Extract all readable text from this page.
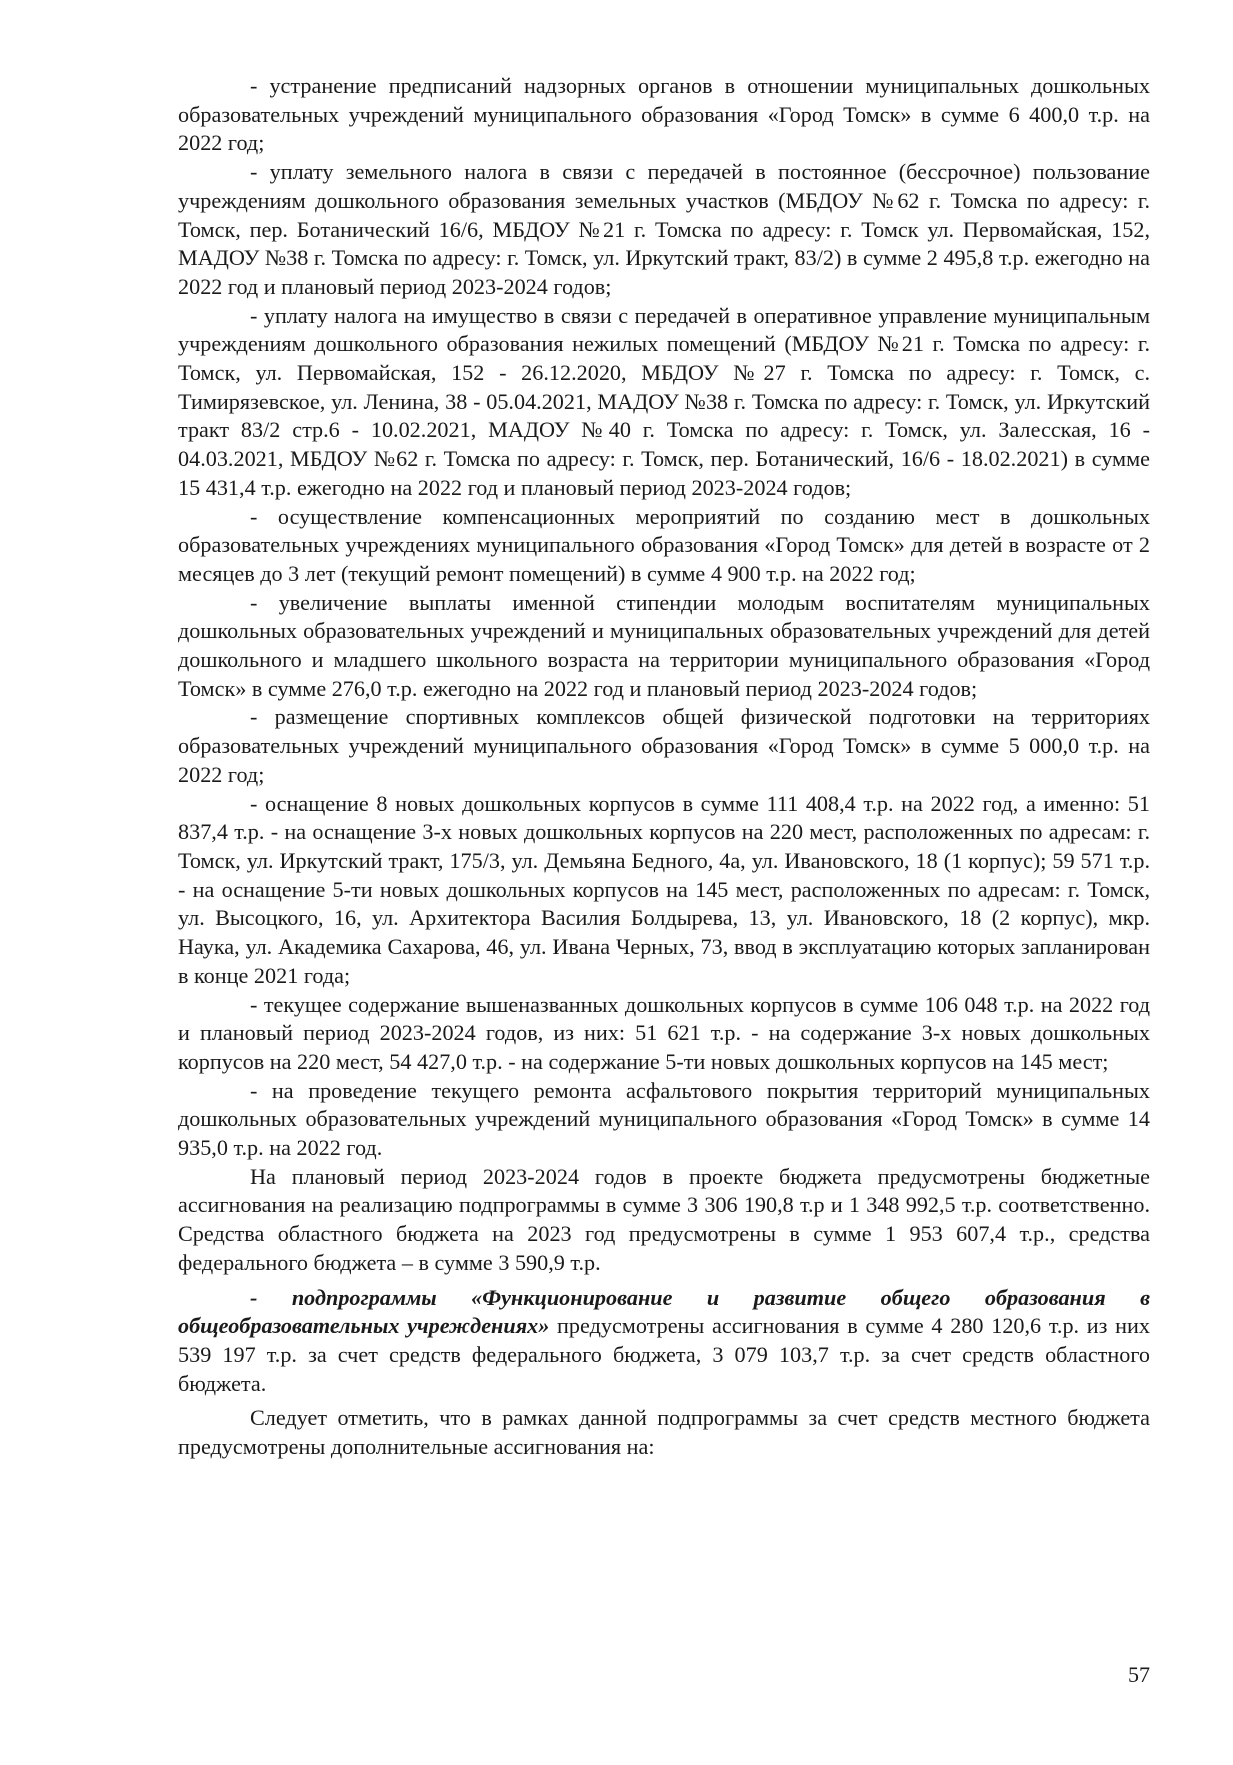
- устранение предписаний надзорных органов в отношении муниципальных дошкольных образовательных учреждений муниципального образования «Город Томск» в сумме 6 400,0 т.р. на 2022 год;

- уплату земельного налога в связи с передачей в постоянное (бессрочное) пользование учреждениям дошкольного образования земельных участков (МБДОУ №62 г. Томска по адресу: г. Томск, пер. Ботанический 16/6, МБДОУ №21 г. Томска по адресу: г. Томск ул. Первомайская, 152, МАДОУ №38 г. Томска по адресу: г. Томск, ул. Иркутский тракт, 83/2) в сумме 2 495,8 т.р. ежегодно на 2022 год и плановый период 2023-2024 годов;

- уплату налога на имущество в связи с передачей в оперативное управление муниципальным учреждениям дошкольного образования нежилых помещений (МБДОУ №21 г. Томска по адресу: г. Томск, ул. Первомайская, 152 - 26.12.2020, МБДОУ №27 г. Томска по адресу: г. Томск, с. Тимирязевское, ул. Ленина, 38 - 05.04.2021, МАДОУ №38 г. Томска по адресу: г. Томск, ул. Иркутский тракт 83/2 стр.6 - 10.02.2021, МАДОУ №40 г. Томска по адресу: г. Томск, ул. Залесская, 16 - 04.03.2021, МБДОУ №62 г. Томска по адресу: г. Томск, пер. Ботанический, 16/6 - 18.02.2021) в сумме 15 431,4 т.р. ежегодно на 2022 год и плановый период 2023-2024 годов;

- осуществление компенсационных мероприятий по созданию мест в дошкольных образовательных учреждениях муниципального образования «Город Томск» для детей в возрасте от 2 месяцев до 3 лет (текущий ремонт помещений) в сумме 4 900 т.р. на 2022 год;

- увеличение выплаты именной стипендии молодым воспитателям муниципальных дошкольных образовательных учреждений и муниципальных образовательных учреждений для детей дошкольного и младшего школьного возраста на территории муниципального образования «Город Томск» в сумме 276,0 т.р. ежегодно на 2022 год и плановый период 2023-2024 годов;

- размещение спортивных комплексов общей физической подготовки на территориях образовательных учреждений муниципального образования «Город Томск» в сумме 5 000,0 т.р. на 2022 год;

- оснащение 8 новых дошкольных корпусов в сумме 111 408,4 т.р. на 2022 год, а именно: 51 837,4 т.р. - на оснащение 3-х новых дошкольных корпусов на 220 мест, расположенных по адресам: г. Томск, ул. Иркутский тракт, 175/3, ул. Демьяна Бедного, 4а, ул. Ивановского, 18 (1 корпус); 59 571 т.р. - на оснащение 5-ти новых дошкольных корпусов на 145 мест, расположенных по адресам: г. Томск, ул. Высоцкого, 16, ул. Архитектора Василия Болдырева, 13, ул. Ивановского, 18 (2 корпус), мкр. Наука, ул. Академика Сахарова, 46, ул. Ивана Черных, 73, ввод в эксплуатацию которых запланирован в конце 2021 года;

- текущее содержание вышеназванных дошкольных корпусов в сумме 106 048 т.р. на 2022 год и плановый период 2023-2024 годов, из них: 51 621 т.р. - на содержание 3-х новых дошкольных корпусов на 220 мест, 54 427,0 т.р. - на содержание 5-ти новых дошкольных корпусов на 145 мест;

- на проведение текущего ремонта асфальтового покрытия территорий муниципальных дошкольных образовательных учреждений муниципального образования «Город Томск» в сумме 14 935,0 т.р. на 2022 год.

На плановый период 2023-2024 годов в проекте бюджета предусмотрены бюджетные ассигнования на реализацию подпрограммы в сумме 3 306 190,8 т.р и 1 348 992,5 т.р. соответственно. Средства областного бюджета на 2023 год предусмотрены в сумме 1 953 607,4 т.р., средства федерального бюджета – в сумме 3 590,9 т.р.

- подпрограммы «Функционирование и развитие общего образования в общеобразовательных учреждениях» предусмотрены ассигнования в сумме 4 280 120,6 т.р. из них 539 197 т.р. за счет средств федерального бюджета, 3 079 103,7 т.р. за счет средств областного бюджета.

Следует отметить, что в рамках данной подпрограммы за счет средств местного бюджета предусмотрены дополнительные ассигнования на:

57
